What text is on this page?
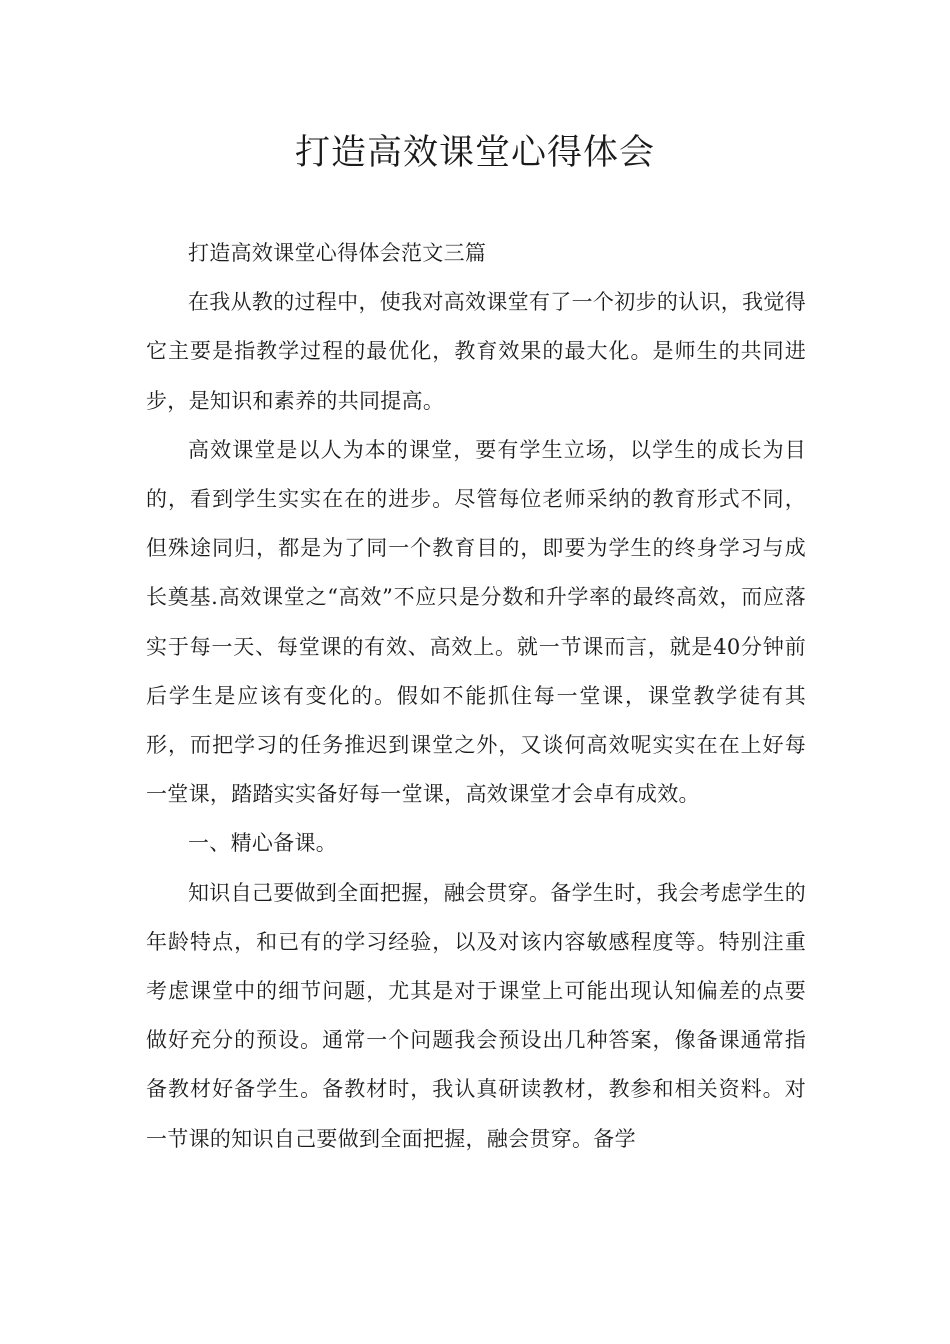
打造高效课堂心得体会

打造高效课堂心得体会范文三篇

在我从教的过程中，使我对高效课堂有了一个初步的认识，我觉得它主要是指教学过程的最优化，教育效果的最大化。是师生的共同进步，是知识和素养的共同提高。

高效课堂是以人为本的课堂，要有学生立场，以学生的成长为目的，看到学生实实在在的进步。尽管每位老师采纳的教育形式不同，但殊途同归，都是为了同一个教育目的，即要为学生的终身学习与成长奠基.高效课堂之“高效”不应只是分数和升学率的最终高效，而应落实于每一天、每堂课的有效、高效上。就一节课而言，就是40分钟前后学生是应该有变化的。假如不能抓住每一堂课，课堂教学徒有其形，而把学习的任务推迟到课堂之外，又谈何高效呢实实在在上好每一堂课，踏踏实实备好每一堂课，高效课堂才会卓有成效。

一、精心备课。

知识自己要做到全面把握，融会贯穿。备学生时，我会考虑学生的年龄特点，和已有的学习经验，以及对该内容敏感程度等。特别注重考虑课堂中的细节问题，尤其是对于课堂上可能出现认知偏差的点要做好充分的预设。通常一个问题我会预设出几种答案，像备课通常指备教材好备学生。备教材时，我认真研读教材，教参和相关资料。对一节课的知识自己要做到全面把握，融会贯穿。备学
